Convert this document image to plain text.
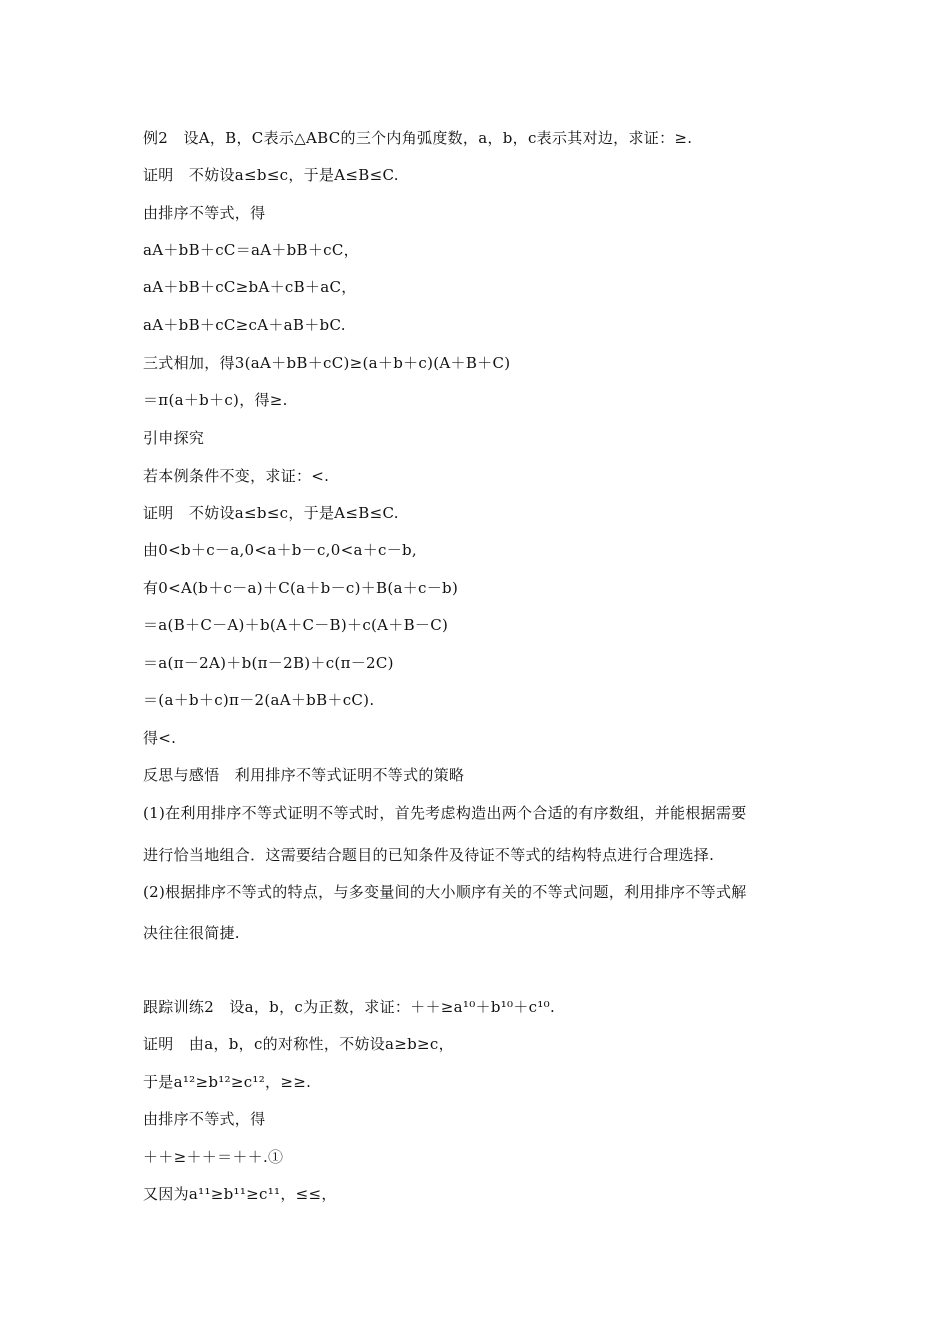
例2　设A，B，C表示△ABC的三个内角弧度数，a，b，c表示其对边，求证：≥.
证明　不妨设a≤b≤c，于是A≤B≤C.
由排序不等式，得
aA＋bB＋cC＝aA＋bB＋cC，
aA＋bB＋cC≥bA＋cB＋aC，
aA＋bB＋cC≥cA＋aB＋bC.
三式相加，得3(aA＋bB＋cC)≥(a＋b＋c)(A＋B＋C)
＝π(a＋b＋c)，得≥.
引申探究
若本例条件不变，求证：<.
证明　不妨设a≤b≤c，于是A≤B≤C.
由0<b＋c－a,0<a＋b－c,0<a＋c－b,
有0<A(b＋c－a)＋C(a＋b－c)＋B(a＋c－b)
＝a(B＋C－A)＋b(A＋C－B)＋c(A＋B－C)
＝a(π－2A)＋b(π－2B)＋c(π－2C)
＝(a＋b＋c)π－2(aA＋bB＋cC).
得<.
反思与感悟　利用排序不等式证明不等式的策略
(1)在利用排序不等式证明不等式时，首先考虑构造出两个合适的有序数组，并能根据需要
进行恰当地组合．这需要结合题目的已知条件及待证不等式的结构特点进行合理选择.
(2)根据排序不等式的特点，与多变量间的大小顺序有关的不等式问题，利用排序不等式解
决往往很简捷.
跟踪训练2　设a，b，c为正数，求证：＋＋≥a¹⁰＋b¹⁰＋c¹⁰.
证明　由a，b，c的对称性，不妨设a≥b≥c，
于是a¹²≥b¹²≥c¹²，≥≥.
由排序不等式，得
＋＋≥＋＋＝＋＋.①
又因为a¹¹≥b¹¹≥c¹¹，≤≤，
